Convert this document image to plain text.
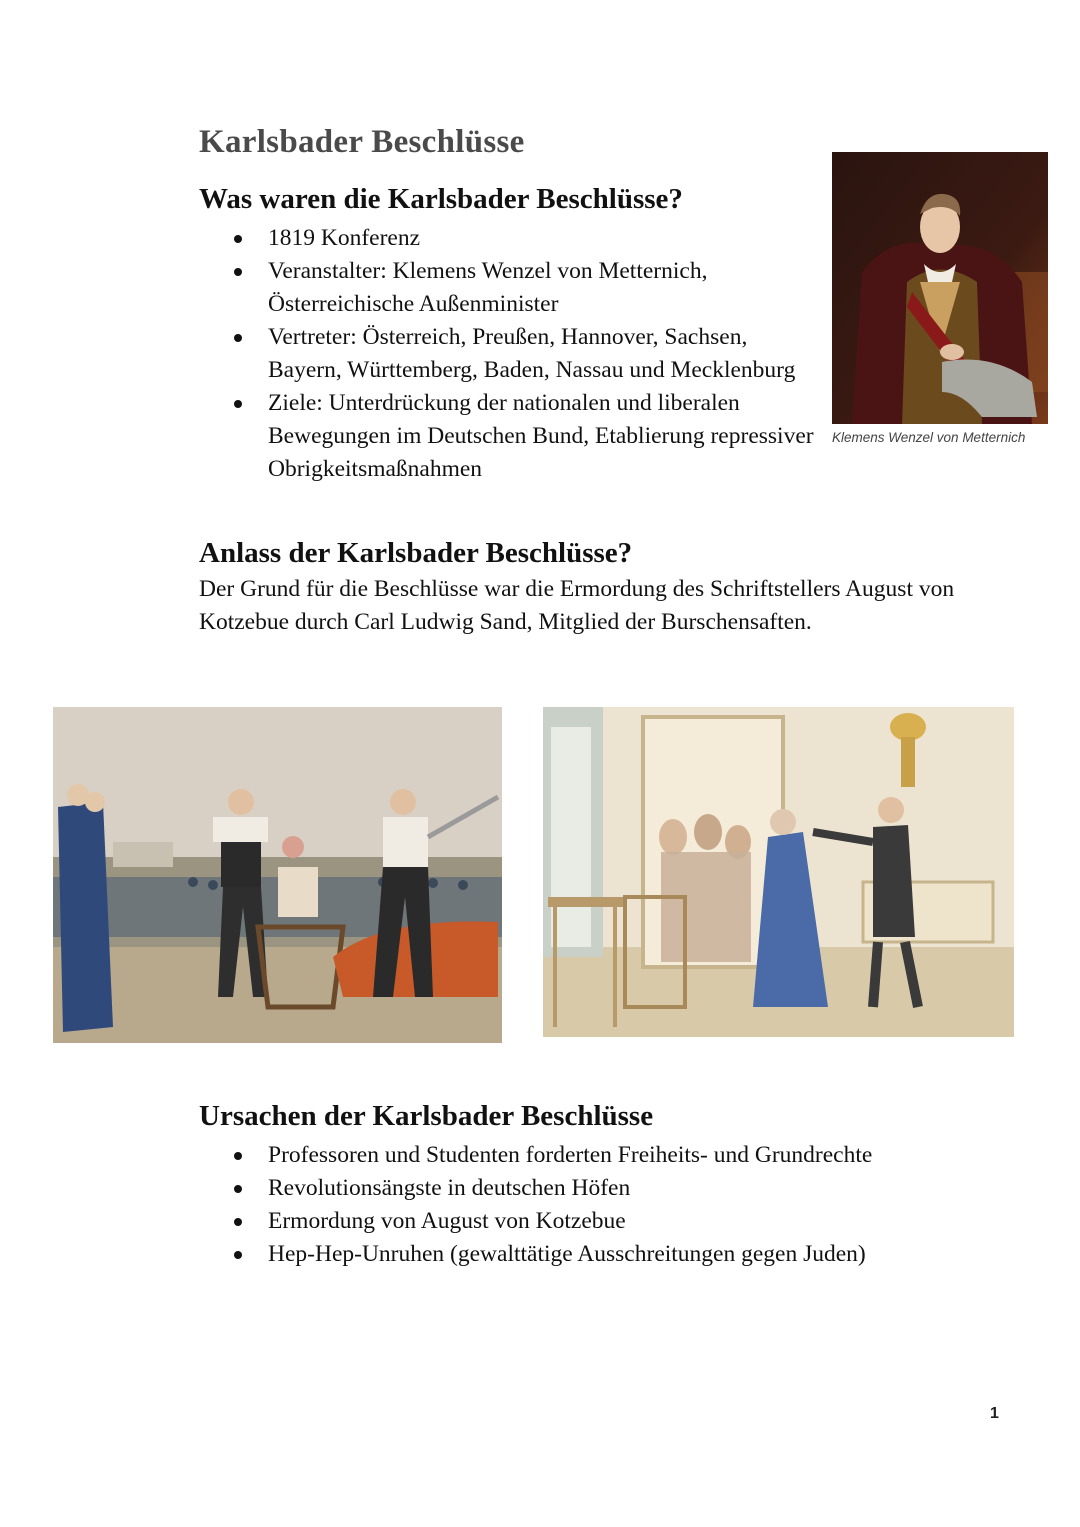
Karlsbader Beschlüsse
Was waren die Karlsbader Beschlüsse?
1819 Konferenz
Veranstalter: Klemens Wenzel von Metternich, Österreichische Außenminister
Vertreter: Österreich, Preußen, Hannover, Sachsen, Bayern, Württemberg, Baden, Nassau und Mecklenburg
Ziele: Unterdrückung der nationalen und liberalen Bewegungen im Deutschen Bund, Etablierung repressiver Obrigkeitsmaßnahmen
Klemens Wenzel von Metternich
Anlass der Karlsbader Beschlüsse?

Der Grund für die Beschlüsse war die Ermordung des Schriftstellers August von Kotzebue durch Carl Ludwig Sand, Mitglied der Burschensaften.

Ursachen der Karlsbader Beschlüsse
Professoren und Studenten forderten Freiheits- und Grundrechte
Revolutionsängste in deutschen Höfen
Ermordung von August von Kotzebue
Hep-Hep-Unruhen (gewalttätige Ausschreitungen gegen Juden)
1
